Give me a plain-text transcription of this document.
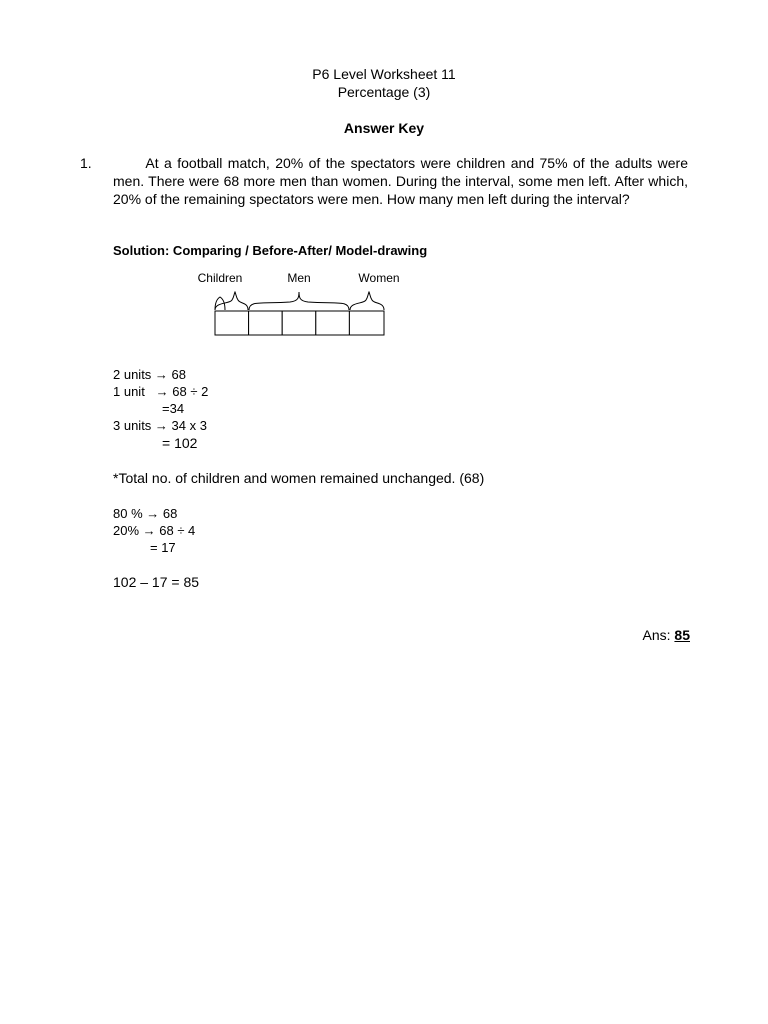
P6 Level Worksheet 11
Percentage (3)
Answer Key
1. At a football match, 20% of the spectators were children and 75% of the adults were men. There were 68 more men than women. During the interval, some men left. After which, 20% of the remaining spectators were men. How many men left during the interval?
Solution: Comparing / Before-After/ Model-drawing
Children	Men	Women
2 units → 68
1 unit   → 68 ÷ 2
=34
3 units → 34 x 3
= 102
*Total no. of children and women remained unchanged. (68)
80 % → 68
20% → 68 ÷ 4
= 17
102 – 17 = 85
Ans: 85
